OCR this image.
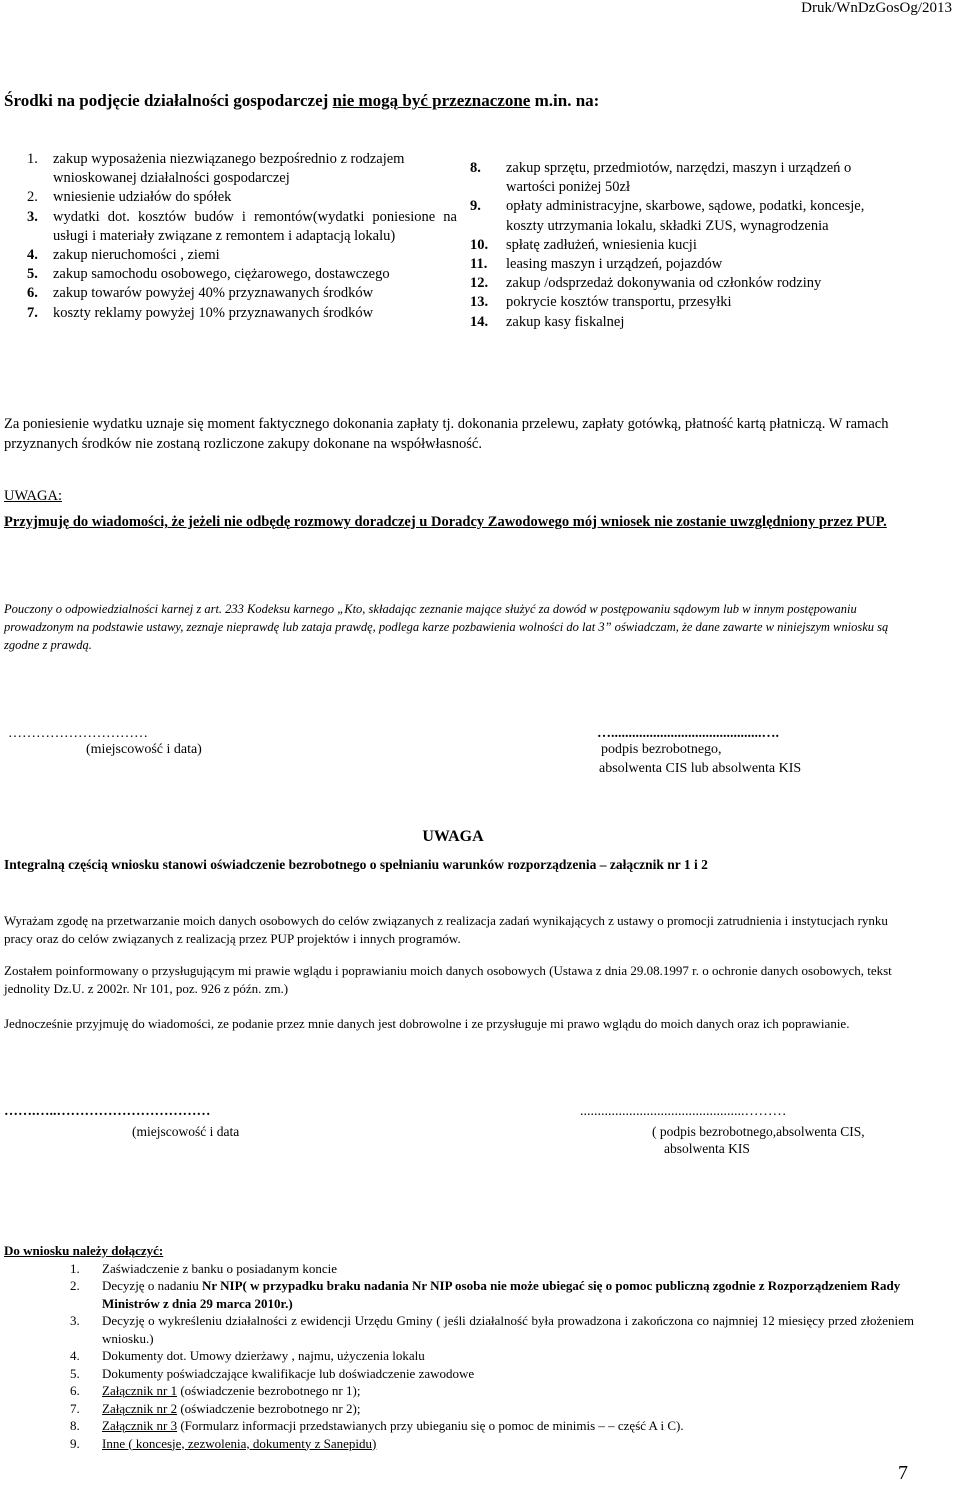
Druk/WnDzGosOg/2013
Środki na podjęcie działalności gospodarczej nie mogą być przeznaczone m.in. na:
1. zakup wyposażenia niezwiązanego bezpośrednio z rodzajem wnioskowanej działalności gospodarczej
2. wniesienie udziałów do spółek
3. wydatki dot. kosztów budów i remontów(wydatki poniesione na usługi i materiały związane z remontem i adaptacją lokalu)
4. zakup nieruchomości , ziemi
5. zakup samochodu osobowego, ciężarowego, dostawczego
6. zakup towarów powyżej 40% przyznawanych środków
7. koszty reklamy powyżej 10% przyznawanych środków
8. zakup sprzętu, przedmiotów, narzędzi, maszyn i urządzeń o wartości poniżej 50zł
9. opłaty administracyjne, skarbowe, sądowe, podatki, koncesje, koszty utrzymania lokalu, składki ZUS, wynagrodzenia
10. spłatę zadłużeń, wniesienia kucji
11. leasing maszyn i urządzeń, pojazdów
12. zakup /odsprzedaż dokonywania od członków rodziny
13. pokrycie kosztów transportu, przesyłki
14. zakup kasy fiskalnej
Za poniesienie wydatku uznaje się moment faktycznego dokonania zapłaty tj. dokonania przelewu, zapłaty gotówką, płatność kartą płatniczą. W ramach przyznanych środków nie zostaną rozliczone zakupy dokonane na współwłasność.
UWAGA:
Przyjmuję do wiadomości, że jeżeli nie odbędę rozmowy doradczej u Doradcy Zawodowego mój wniosek nie zostanie uwzględniony przez PUP.
Pouczony o odpowiedzialności karnej z art. 233 Kodeksu karnego „Kto, składając zeznanie mające służyć za dowód w postępowaniu sądowym lub w innym postępowaniu prowadzonym na podstawie ustawy, zeznaje nieprawdę lub zataja prawdę, podlega karze pozbawienia wolności do lat 3” oświadczam, że dane zawarte w niniejszym wniosku są zgodne z prawdą.
…………………………
(miejscowość i data)
…...........................................….
podpis bezrobotnego,
absolwenta CIS lub absolwenta KIS
UWAGA
Integralną częścią wniosku stanowi oświadczenie bezrobotnego o spełnianiu warunków rozporządzenia – załącznik nr 1 i 2
Wyrażam zgodę na przetwarzanie moich danych osobowych do celów związanych z realizacja zadań wynikających z ustawy o promocji zatrudnienia i instytucjach rynku pracy oraz do celów związanych z realizacją przez PUP projektów i innych programów.
Zostałem poinformowany o przysługującym mi prawie wglądu i poprawianiu moich danych osobowych (Ustawa z dnia 29.08.1997 r. o ochronie danych osobowych, tekst jednolity Dz.U. z 2002r. Nr 101, poz. 926 z późn. zm.)
Jednocześnie przyjmuję do wiadomości, ze podanie przez mnie danych jest dobrowolne i ze przysługuje mi prawo wglądu do moich danych oraz ich poprawianie.
…….…..……………………………
(miejscowość i data
...............................................………
( podpis bezrobotnego,absolwenta CIS,
absolwenta KIS
Do wniosku należy dołączyć:
1. Zaświadczenie z banku o posiadanym koncie
2. Decyzję o nadaniu Nr NIP( w przypadku braku nadania Nr NIP osoba nie może ubiegać się o pomoc publiczną zgodnie z Rozporządzeniem Rady Ministrów z dnia 29 marca 2010r.)
3. Decyzję o wykreśleniu działalności z ewidencji Urzędu Gminy ( jeśli działalność była prowadzona i zakończona co najmniej 12 miesięcy przed złożeniem wniosku.)
4. Dokumenty dot. Umowy dzierżawy , najmu, użyczenia lokalu
5. Dokumenty poświadczające kwalifikacje lub doświadczenie zawodowe
6. Załącznik nr 1 (oświadczenie bezrobotnego nr 1);
7. Załącznik nr 2 (oświadczenie bezrobotnego nr 2);
8. Załącznik nr 3 (Formularz informacji przedstawianych przy ubieganiu się o pomoc de minimis – – część A i C).
9. Inne ( koncesje, zezwolenia, dokumenty z Sanepidu)
7
